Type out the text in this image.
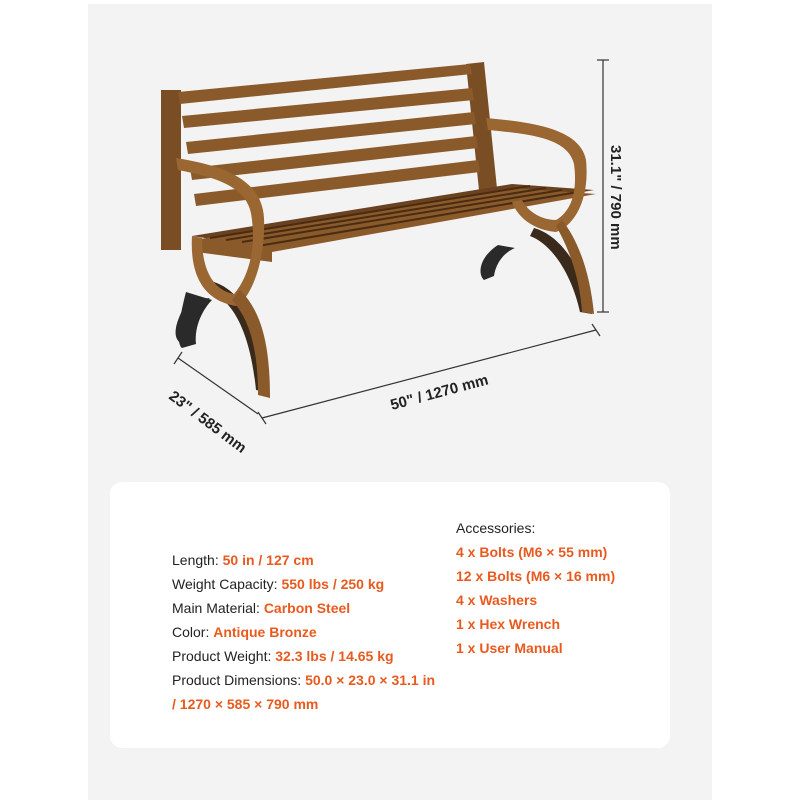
31.1" / 790 mm
50" / 1270 mm
23" / 585 mm
Length: 50 in / 127 cm
Weight Capacity: 550 lbs / 250 kg
Main Material: Carbon Steel
Color: Antique Bronze
Product Weight: 32.3 lbs / 14.65 kg
Product Dimensions: 50.0 × 23.0 × 31.1 in
/ 1270 × 585 × 790 mm
Accessories:
4 x Bolts (M6 × 55 mm)
12 x Bolts (M6 × 16 mm)
4 x Washers
1 x Hex Wrench
1 x User Manual
